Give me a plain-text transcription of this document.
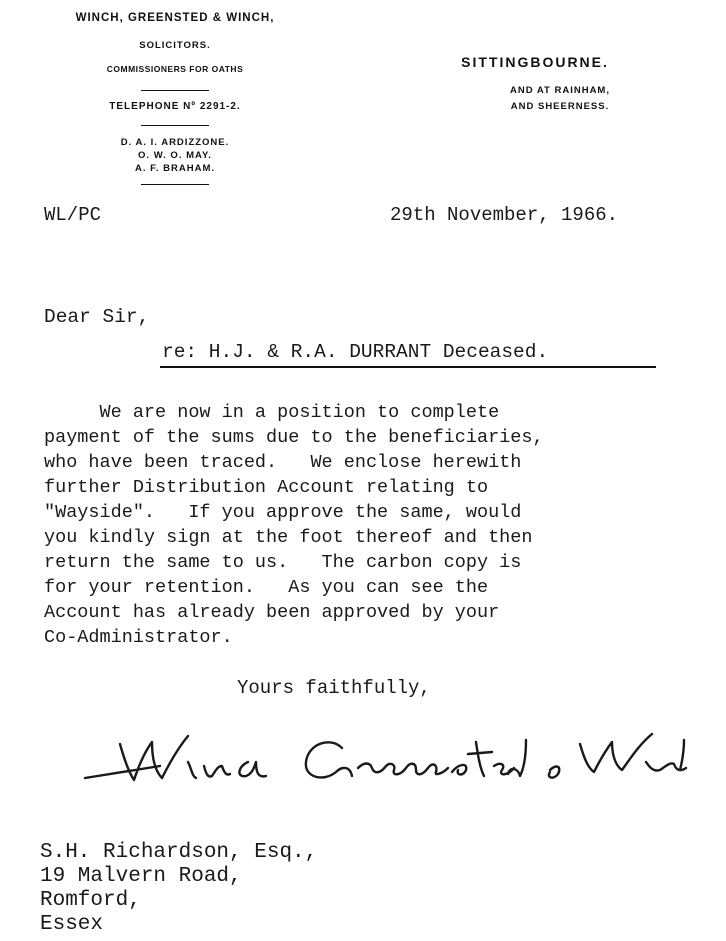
WINCH, GREENSTED & WINCH,
SOLICITORS.
COMMISSIONERS FOR OATHS
TELEPHONE Nº 2291-2.
D. A. I. ARDIZZONE.
O. W. O. MAY.
A. F. BRAHAM.
SITTINGBOURNE.
AND AT RAINHAM,
AND SHEERNESS.
WL/PC	29th November, 1966.
Dear Sir,
re: H.J. & R.A. DURRANT Deceased.
We are now in a position to complete
payment of the sums due to the beneficiaries,
who have been traced.   We enclose herewith
further Distribution Account relating to
"Wayside".   If you approve the same, would
you kindly sign at the foot thereof and then
return the same to us.   The carbon copy is
for your retention.   As you can see the
Account has already been approved by your
Co-Administrator.
Yours faithfully,
S.H. Richardson, Esq.,
19 Malvern Road,
Romford,
Essex
